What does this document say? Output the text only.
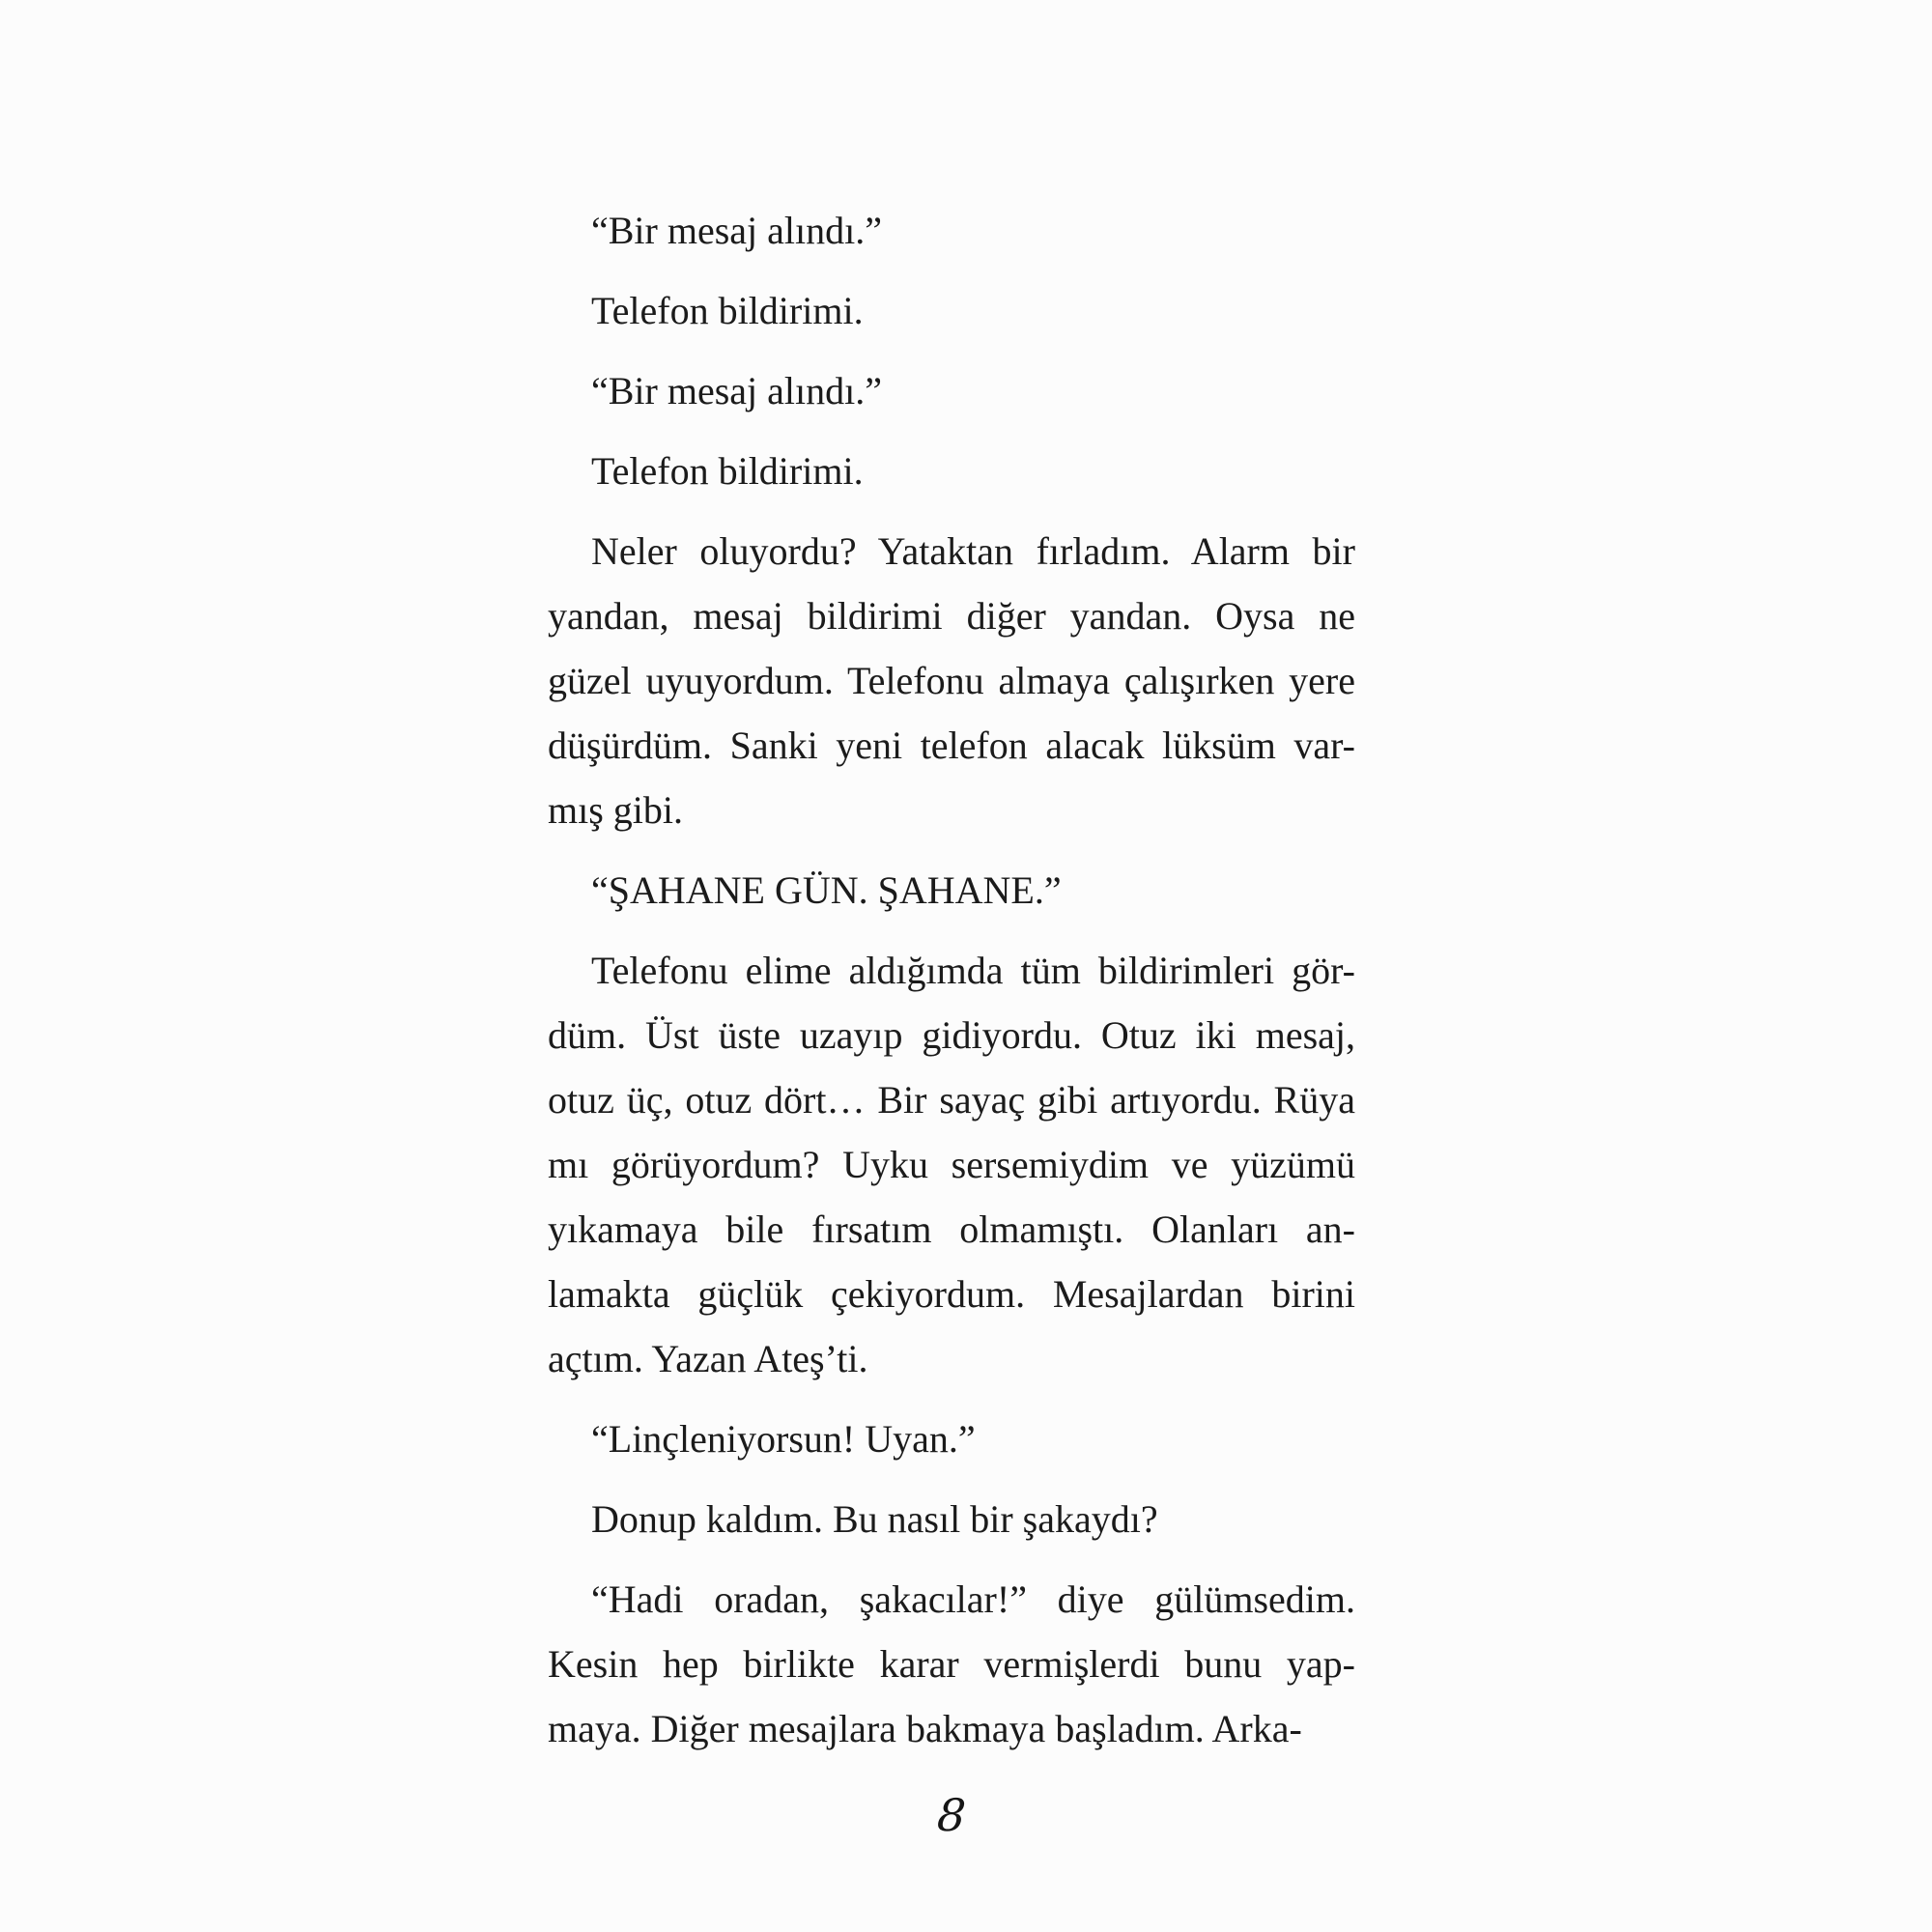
“Bir mesaj alındı.”

Telefon bildirimi.

“Bir mesaj alındı.”

Telefon bildirimi.

Neler oluyordu? Yataktan fırladım. Alarm bir
yandan, mesaj bildirimi diğer yandan. Oysa ne
güzel uyuyordum. Telefonu almaya çalışırken yere
düşürdüm. Sanki yeni telefon alacak lüksüm var-
mış gibi.

“ŞAHANE GÜN. ŞAHANE.”

Telefonu elime aldığımda tüm bildirimleri gör-
düm. Üst üste uzayıp gidiyordu. Otuz iki mesaj,
otuz üç, otuz dört… Bir sayaç gibi artıyordu. Rüya
mı görüyordum? Uyku sersemiydim ve yüzümü
yıkamaya bile fırsatım olmamıştı. Olanları an-
lamakta güçlük çekiyordum. Mesajlardan birini
açtım. Yazan Ateş’ti.

“Linçleniyorsun! Uyan.”

Donup kaldım. Bu nasıl bir şakaydı?

“Hadi oradan, şakacılar!” diye gülümsedim.
Kesin hep birlikte karar vermişlerdi bunu yap-
maya. Diğer mesajlara bakmaya başladım. Arka-

8
